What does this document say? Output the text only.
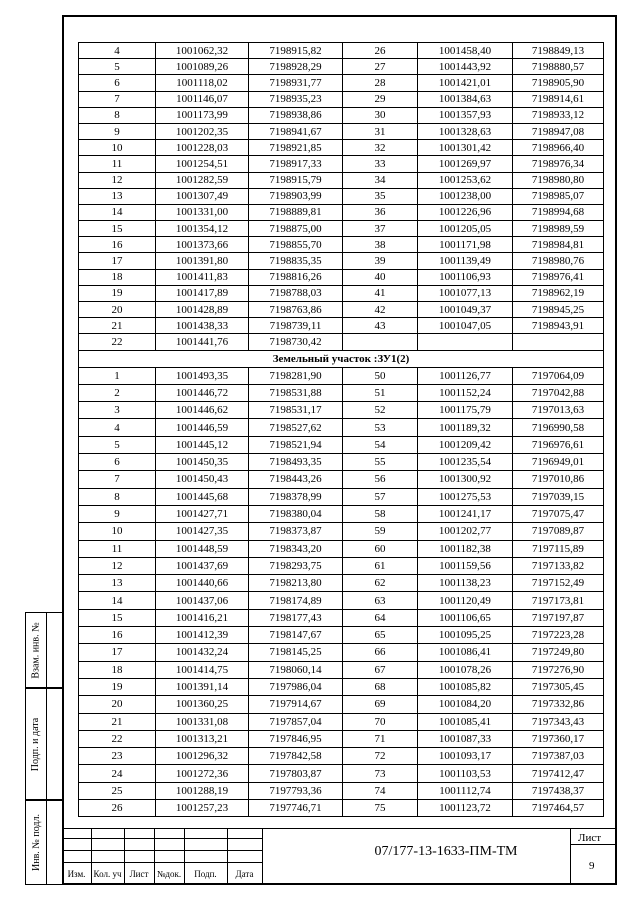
4	1001062,32	7198915,82	26	1001458,40	7198849,13
5	1001089,26	7198928,29	27	1001443,92	7198880,57
6	1001118,02	7198931,77	28	1001421,01	7198905,90
7	1001146,07	7198935,23	29	1001384,63	7198914,61
8	1001173,99	7198938,86	30	1001357,93	7198933,12
9	1001202,35	7198941,67	31	1001328,63	7198947,08
10	1001228,03	7198921,85	32	1001301,42	7198966,40
11	1001254,51	7198917,33	33	1001269,97	7198976,34
12	1001282,59	7198915,79	34	1001253,62	7198980,80
13	1001307,49	7198903,99	35	1001238,00	7198985,07
14	1001331,00	7198889,81	36	1001226,96	7198994,68
15	1001354,12	7198875,00	37	1001205,05	7198989,59
16	1001373,66	7198855,70	38	1001171,98	7198984,81
17	1001391,80	7198835,35	39	1001139,49	7198980,76
18	1001411,83	7198816,26	40	1001106,93	7198976,41
19	1001417,89	7198788,03	41	1001077,13	7198962,19
20	1001428,89	7198763,86	42	1001049,37	7198945,25
21	1001438,33	7198739,11	43	1001047,05	7198943,91
22	1001441,76	7198730,42			
Земельный участок :ЗУ1(2)					
1	1001493,35	7198281,90	50	1001126,77	7197064,09
2	1001446,72	7198531,88	51	1001152,24	7197042,88
3	1001446,62	7198531,17	52	1001175,79	7197013,63
4	1001446,59	7198527,62	53	1001189,32	7196990,58
5	1001445,12	7198521,94	54	1001209,42	7196976,61
6	1001450,35	7198493,35	55	1001235,54	7196949,01
7	1001450,43	7198443,26	56	1001300,92	7197010,86
8	1001445,68	7198378,99	57	1001275,53	7197039,15
9	1001427,71	7198380,04	58	1001241,17	7197075,47
10	1001427,35	7198373,87	59	1001202,77	7197089,87
11	1001448,59	7198343,20	60	1001182,38	7197115,89
12	1001437,69	7198293,75	61	1001159,56	7197133,82
13	1001440,66	7198213,80	62	1001138,23	7197152,49
14	1001437,06	7198174,89	63	1001120,49	7197173,81
15	1001416,21	7198177,43	64	1001106,65	7197197,87
16	1001412,39	7198147,67	65	1001095,25	7197223,28
17	1001432,24	7198145,25	66	1001086,41	7197249,80
18	1001414,75	7198060,14	67	1001078,26	7197276,90
19	1001391,14	7197986,04	68	1001085,82	7197305,45
20	1001360,25	7197914,67	69	1001084,20	7197332,86
21	1001331,08	7197857,04	70	1001085,41	7197343,43
22	1001313,21	7197846,95	71	1001087,33	7197360,17
23	1001296,32	7197842,58	72	1001093,17	7197387,03
24	1001272,36	7197803,87	73	1001103,53	7197412,47
25	1001288,19	7197793,36	74	1001112,74	7197438,37
26	1001257,23	7197746,71	75	1001123,72	7197464,57
Взам. инв. №
Подп. и дата
Инв. № подл.
Изм. Кол. уч Лист №док.	Подп.	Дата
07/177-13-1633-ПМ-ТМ
Лист
9
